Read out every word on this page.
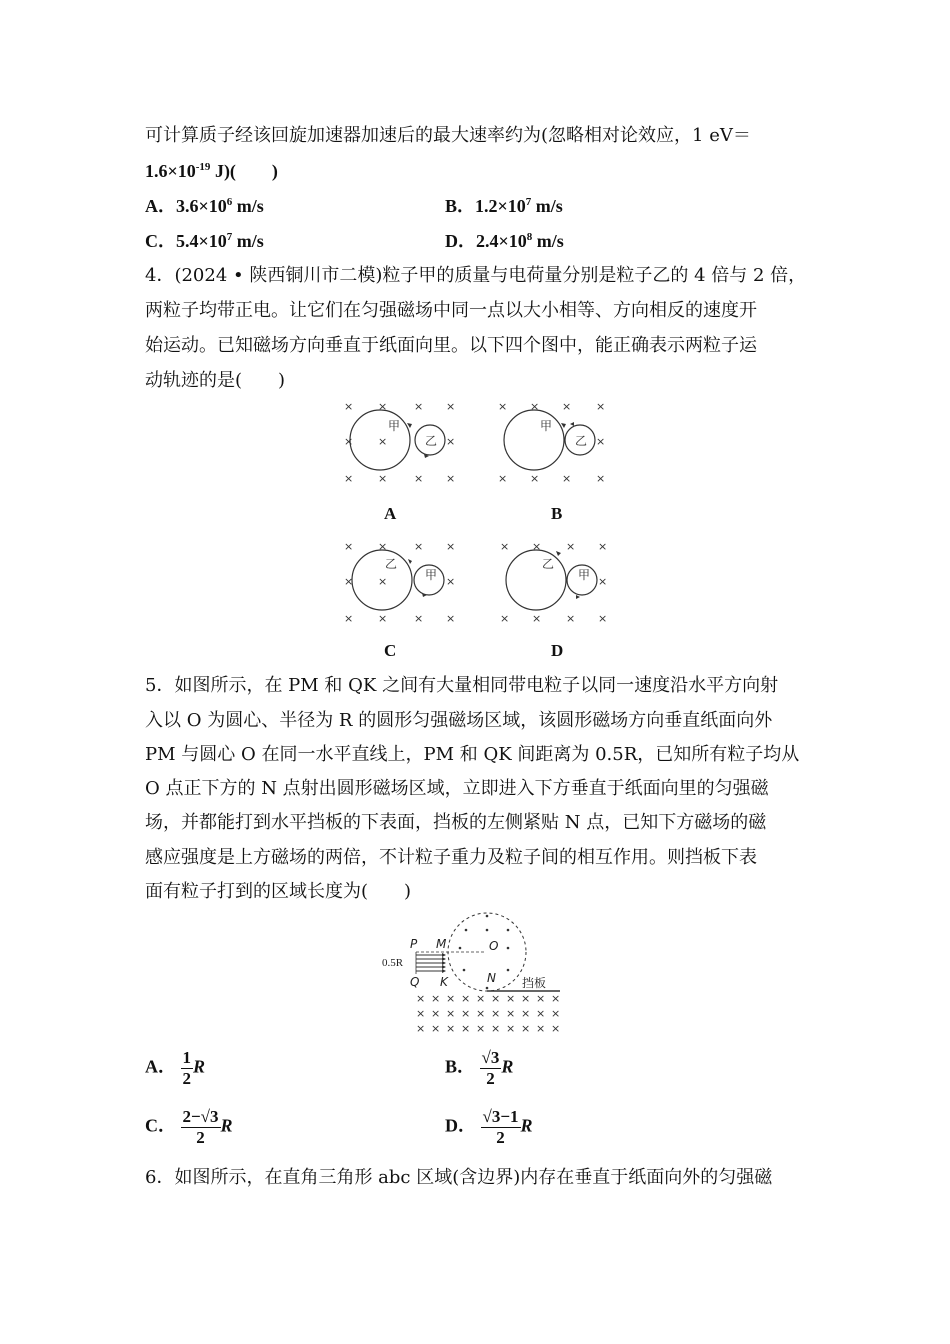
可计算质子经该回旋加速器加速后的最大速率约为(忽略相对论效应，1 eV＝
$1.6\times 10^{-19}$ J)(　　)
A．$3.6\times 10^6$ m/s	B．$1.2\times 10^7$ m/s
C．$5.4\times 10^7$ m/s	D．$2.4\times 10^8$ m/s
4．(2024 • 陕西铜川市二模)粒子甲的质量与电荷量分别是粒子乙的 4 倍与 2 倍，
两粒子均带正电。让它们在匀强磁场中同一点以大小相等、方向相反的速度开
始运动。已知磁场方向垂直于纸面向里。以下四个图中，能正确表示两粒子运
动轨迹的是(　　)
× × × ×
× ×	×
× × × ×
甲
乙
A
× × × ×
×
× × × ×
甲
乙
B
× × × ×
× ×	×
× × × ×
乙
甲
C
× × × ×
×
× × × ×
乙
甲
D
5．如图所示，在 PM 和 QK 之间有大量相同带电粒子以同一速度沿水平方向射
入以 O 为圆心、半径为 R 的圆形匀强磁场区域，该圆形磁场方向垂直纸面向外
PM 与圆心 O 在同一水平直线上，PM 和 QK 间距离为 0.5R，已知所有粒子均从
O 点正下方的 N 点射出圆形磁场区域，立即进入下方垂直于纸面向里的匀强磁
场，并都能打到水平挡板的下表面，挡板的左侧紧贴 N 点，已知下方磁场的磁
感应强度是上方磁场的两倍，不计粒子重力及粒子间的相互作用。则挡板下表
面有粒子打到的区域长度为(　　)
P M
Q K
O
N
0.5R
挡板
× × × × × × × × × ×
× × × × × × × × × ×
× × × × × × × × × ×
A． $\frac{1}{2}$ R	B． $\frac{√3}{2}$ R
C． $\frac{2-√3}{2}$ R	D． $\frac{√3-1}{2}$ R
6．如图所示，在直角三角形 abc 区域(含边界)内存在垂直于纸面向外的匀强磁
